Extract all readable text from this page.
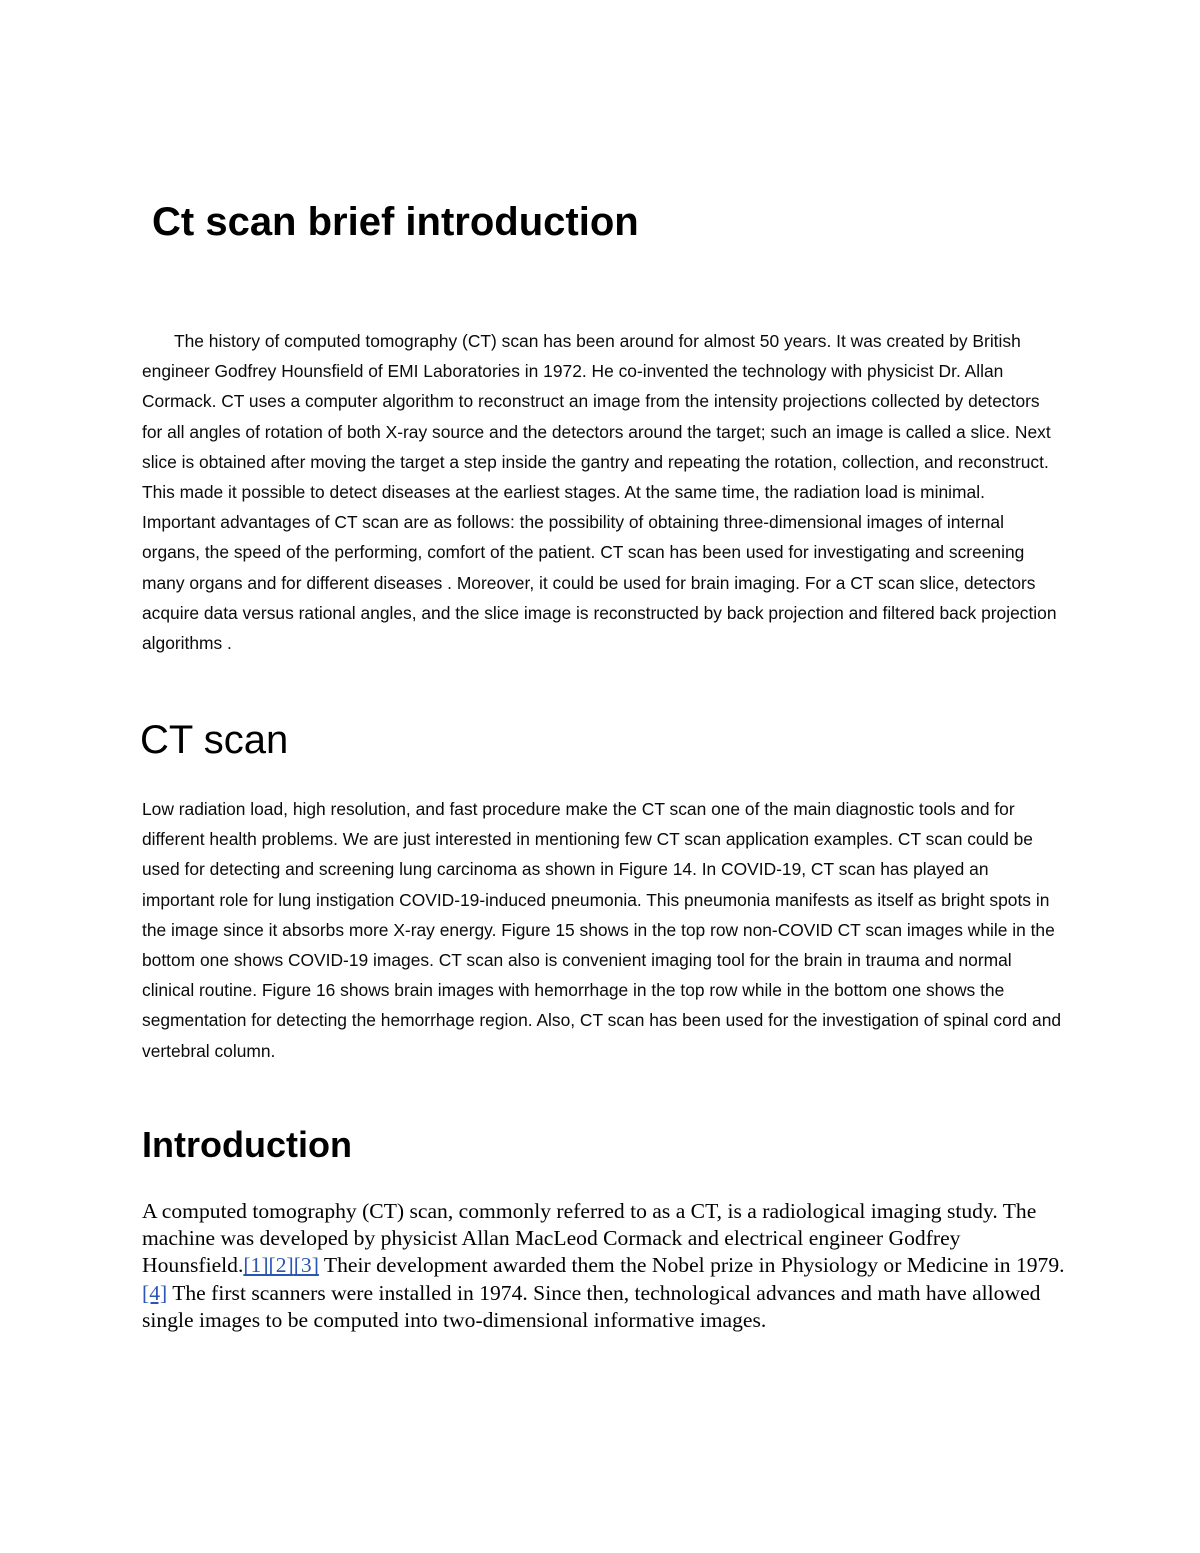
Ct scan brief introduction

The history of computed tomography (CT) scan has been around for almost 50 years. It was created by British engineer Godfrey Hounsfield of EMI Laboratories in 1972. He co-invented the technology with physicist Dr. Allan Cormack. CT uses a computer algorithm to reconstruct an image from the intensity projections collected by detectors for all angles of rotation of both X-ray source and the detectors around the target; such an image is called a slice. Next slice is obtained after moving the target a step inside the gantry and repeating the rotation, collection, and reconstruct. This made it possible to detect diseases at the earliest stages. At the same time, the radiation load is minimal. Important advantages of CT scan are as follows: the possibility of obtaining three-dimensional images of internal organs, the speed of the performing, comfort of the patient. CT scan has been used for investigating and screening many organs and for different diseases . Moreover, it could be used for brain imaging. For a CT scan slice, detectors acquire data versus rational angles, and the slice image is reconstructed by back projection and filtered back projection algorithms .

CT scan

Low radiation load, high resolution, and fast procedure make the CT scan one of the main diagnostic tools and for different health problems. We are just interested in mentioning few CT scan application examples. CT scan could be used for detecting and screening lung carcinoma as shown in Figure 14. In COVID-19, CT scan has played an important role for lung instigation COVID-19-induced pneumonia. This pneumonia manifests as itself as bright spots in the image since it absorbs more X-ray energy. Figure 15 shows in the top row non-COVID CT scan images while in the bottom one shows COVID-19 images. CT scan also is convenient imaging tool for the brain in trauma and normal clinical routine. Figure 16 shows brain images with hemorrhage in the top row while in the bottom one shows the segmentation for detecting the hemorrhage region. Also, CT scan has been used for the investigation of spinal cord and vertebral column.

Introduction

A computed tomography (CT) scan, commonly referred to as a CT, is a radiological imaging study. The machine was developed by physicist Allan MacLeod Cormack and electrical engineer Godfrey Hounsfield.[1][2][3] Their development awarded them the Nobel prize in Physiology or Medicine in 1979.[4] The first scanners were installed in 1974. Since then, technological advances and math have allowed single images to be computed into two-dimensional informative images.
